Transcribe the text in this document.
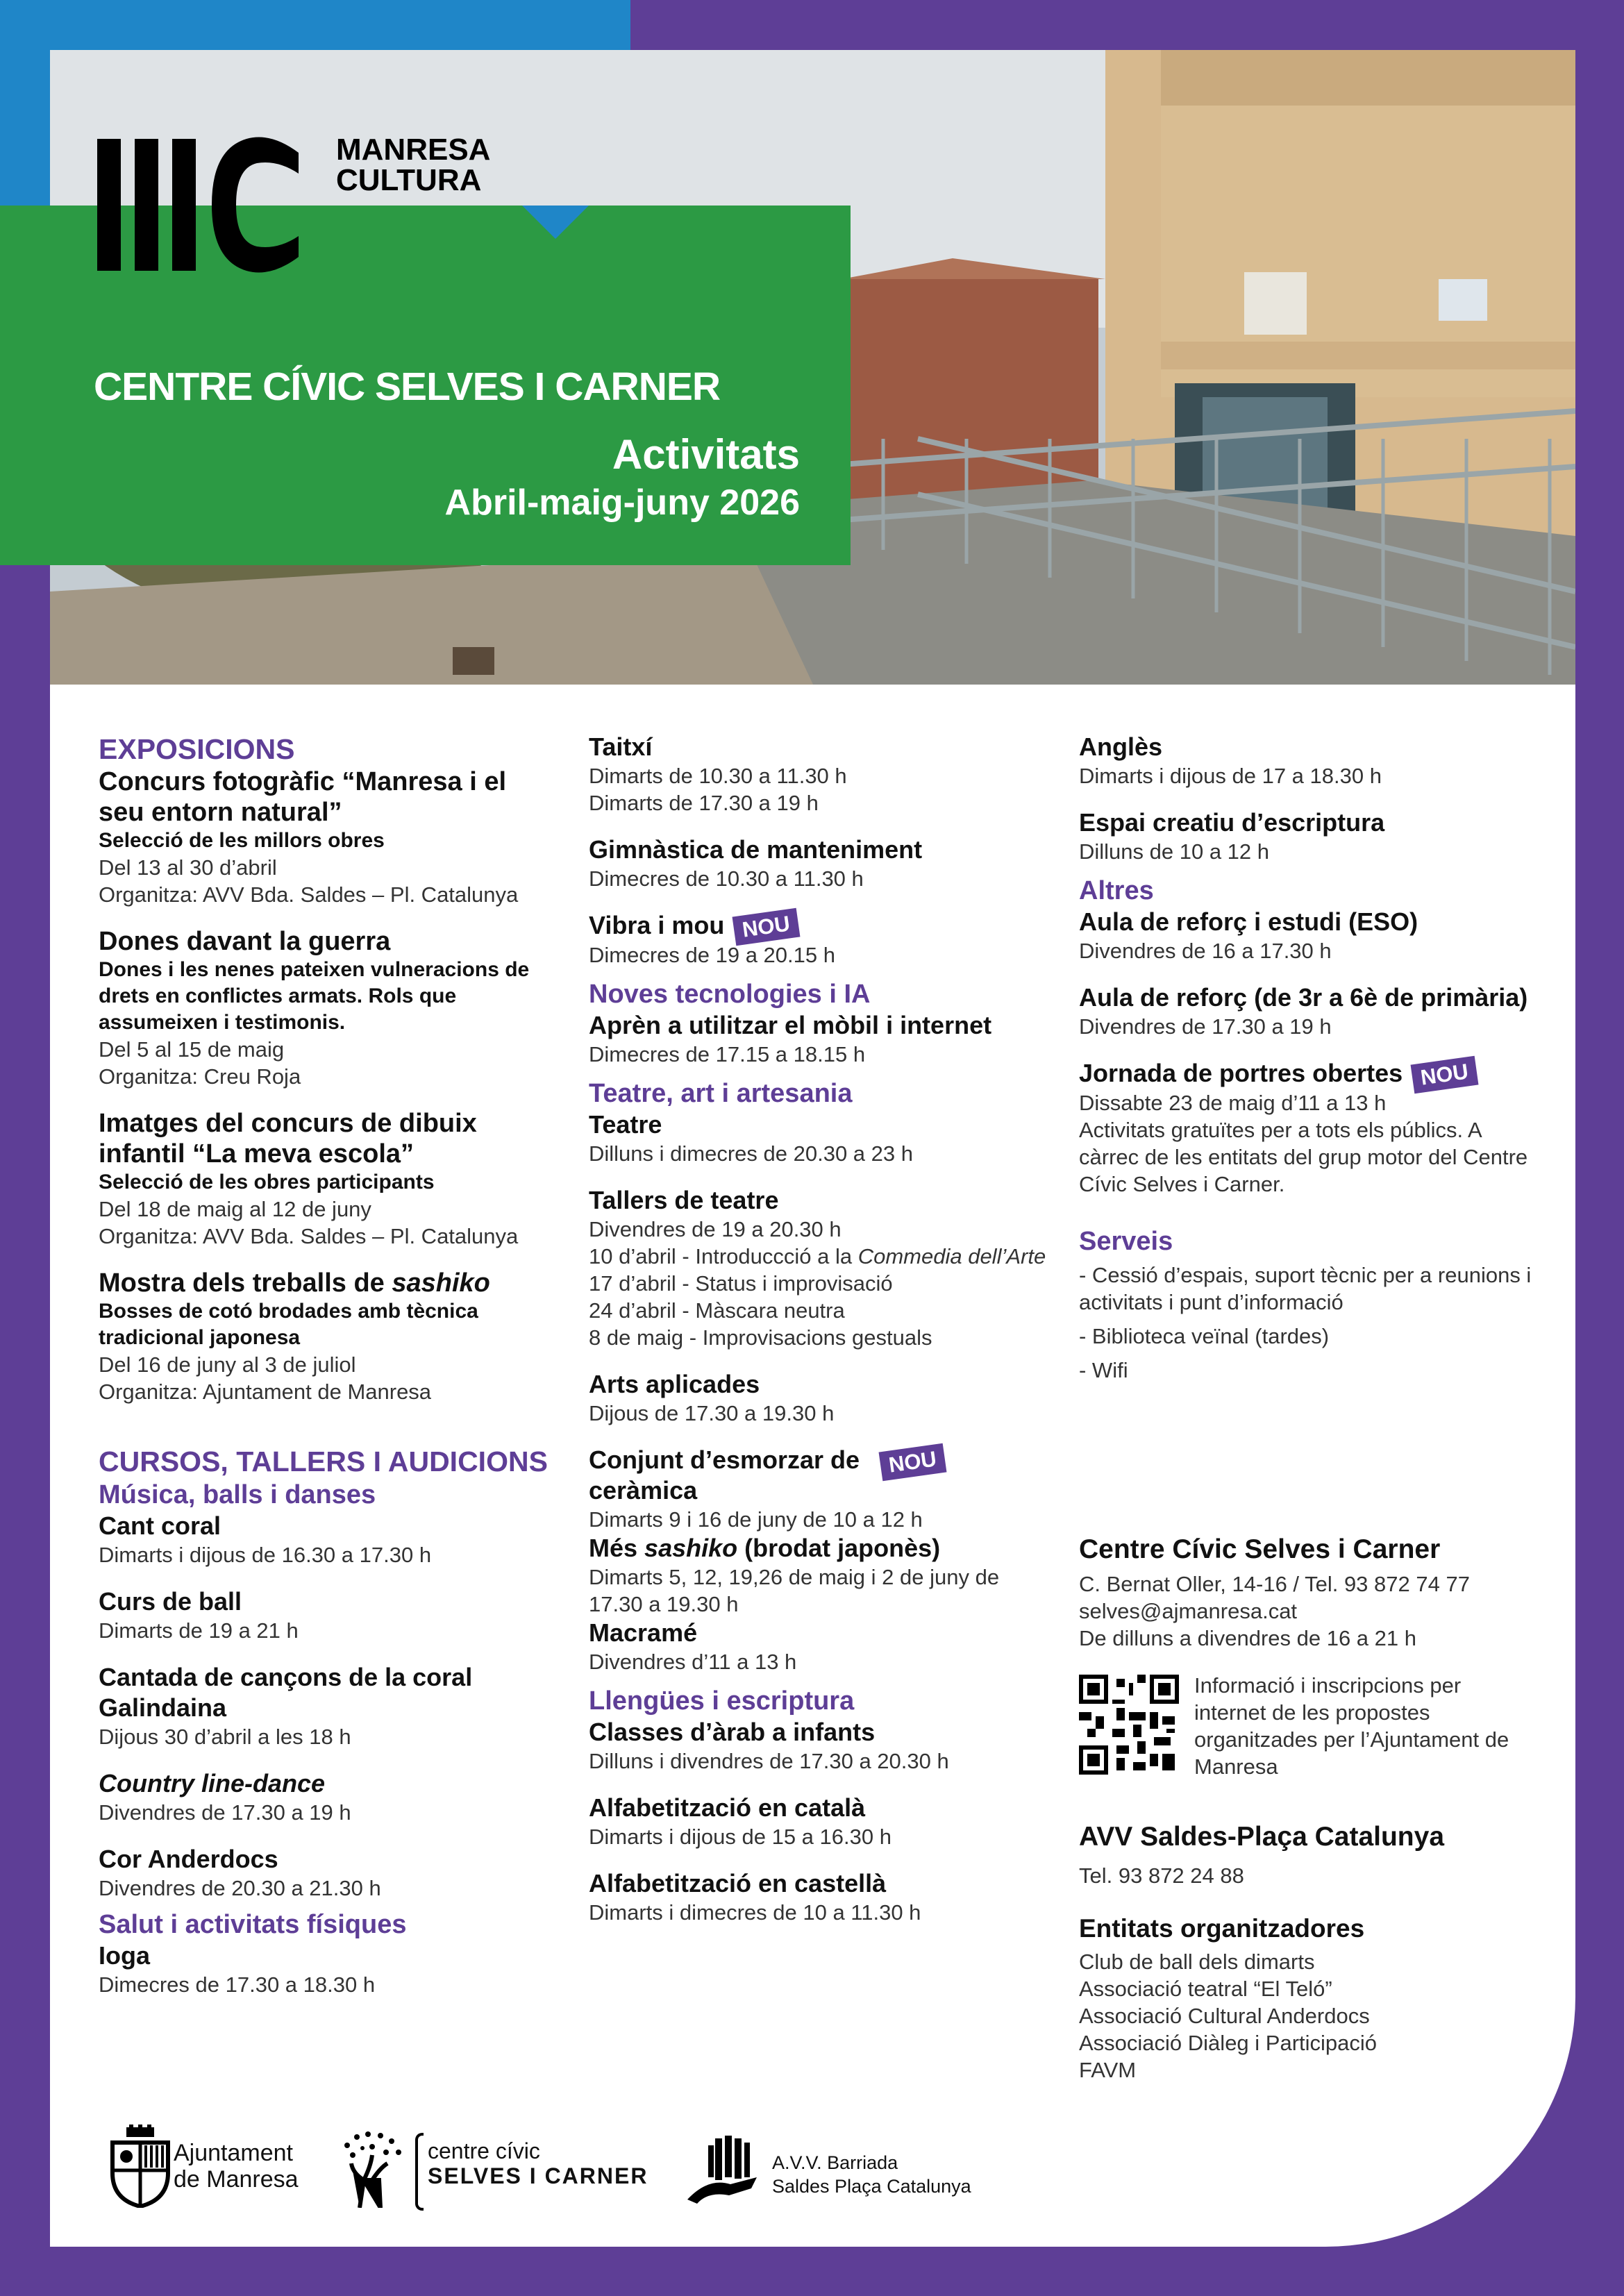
MANRESA
CULTURA
CENTRE CÍVIC SELVES I CARNER
Activitats
Abril-maig-juny 2026

EXPOSICIONS

Concurs fotogràfic “Manresa i el seu entorn natural”

Selecció de les millors obres

Del 13 al 30 d’abril

Organitza: AVV Bda. Saldes – Pl. Catalunya

Dones davant la guerra

Dones i les nenes pateixen vulneracions de drets en conflictes armats. Rols que assumeixen i testimonis.

Del 5 al 15 de maig

Organitza: Creu Roja

Imatges del concurs de dibuix infantil “La meva escola”

Selecció de les obres participants

Del 18 de maig al 12 de juny

Organitza: AVV Bda. Saldes – Pl. Catalunya

Mostra dels treballs de sashiko

Bosses de cotó brodades amb tècnica tradicional japonesa

Del 16 de juny al 3 de juliol

Organitza: Ajuntament de Manresa

CURSOS, TALLERS I AUDICIONS

Música, balls i danses

Cant coral

Dimarts i dijous de 16.30 a 17.30 h

Curs de ball

Dimarts de 19 a 21 h

Cantada de cançons de la coral Galindaina

Dijous 30 d’abril a les 18 h

Country line-dance

Divendres de 17.30 a 19 h

Cor Anderdocs

Divendres de 20.30 a 21.30 h

Salut i activitats físiques

Ioga

Dimecres de 17.30 a 18.30 h

Taitxí

Dimarts de 10.30 a 11.30 h

Dimarts de 17.30 a 19 h

Gimnàstica de manteniment

Dimecres de 10.30 a 11.30 h

Vibra i mou NOU

Dimecres de 19 a 20.15 h

Noves tecnologies i IA

Aprèn a utilitzar el mòbil i internet

Dimecres de 17.15 a 18.15 h

Teatre, art i artesania

Teatre

Dilluns i dimecres de 20.30 a 23 h

Tallers de teatre

Divendres de 19 a 20.30 h

10 d’abril - Introduccció a la Commedia dell’Arte

17 d’abril - Status i improvisació

24 d’abril - Màscara neutra

8 de maig - Improvisacions gestuals

Arts aplicades

Dijous de 17.30 a 19.30 h

Conjunt d’esmorzar de ceràmica

NOU

Dimarts 9 i 16 de juny de 10 a 12 h

Més sashiko (brodat japonès)

Dimarts 5, 12, 19,26 de maig i 2 de juny de 17.30 a 19.30 h

Macramé

Divendres d’11 a 13 h

Llengües i escriptura

Classes d’àrab a infants

Dilluns i divendres de 17.30 a 20.30 h

Alfabetització en català

Dimarts i dijous de 15 a 16.30 h

Alfabetització en castellà

Dimarts i dimecres de 10 a 11.30 h

Anglès

Dimarts i dijous de 17 a 18.30 h

Espai creatiu d’escriptura

Dilluns de 10 a 12 h

Altres

Aula de reforç i estudi (ESO)

Divendres de 16 a 17.30 h

Aula de reforç (de 3r a 6è de primària)

Divendres de 17.30 a 19 h

Jornada de portres obertes NOU

Dissabte 23 de maig d’11 a 13 h

Activitats gratuïtes per a tots els públics. A càrrec de les entitats del grup motor del Centre Cívic Selves i Carner.

Serveis

- Cessió d’espais, suport tècnic per a reunions i activitats i punt d’informació

- Biblioteca veïnal (tardes)

- Wifi

Centre Cívic Selves i Carner

C. Bernat Oller, 14-16 / Tel. 93 872 74 77

selves@ajmanresa.cat

De dilluns a divendres de 16 a 21 h

Informació i inscripcions per internet de les propostes organitzades per l’Ajuntament de Manresa

AVV Saldes-Plaça Catalunya

Tel. 93 872 24 88

Entitats organitzadores

Club de ball dels dimarts

Associació teatral “El Teló”

Associació Cultural Anderdocs

Associació Diàleg i Participació

FAVM

Ajuntament
de Manresa
centre cívic
SELVES I CARNER
A.V.V. Barriada
Saldes Plaça Catalunya
